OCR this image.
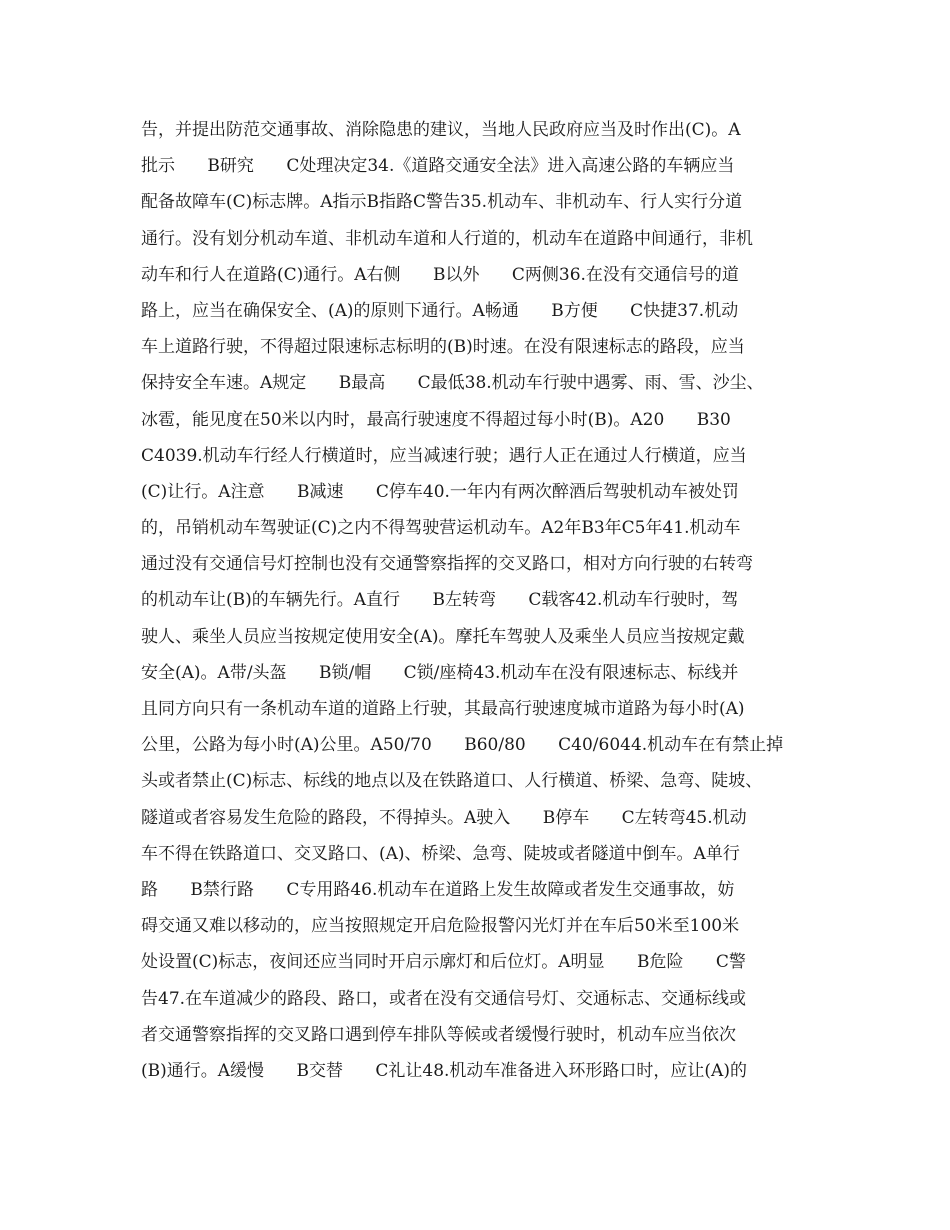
告，并提出防范交通事故、消除隐患的建议，当地人民政府应当及时作出(C)。A
批示      B研究      C处理决定34.《道路交通安全法》进入高速公路的车辆应当
配备故障车(C)标志牌。A指示B指路C警告35.机动车、非机动车、行人实行分道
通行。没有划分机动车道、非机动车道和人行道的，机动车在道路中间通行，非机
动车和行人在道路(C)通行。A右侧      B以外      C两侧36.在没有交通信号的道
路上，应当在确保安全、(A)的原则下通行。A畅通      B方便      C快捷37.机动
车上道路行驶，不得超过限速标志标明的(B)时速。在没有限速标志的路段，应当
保持安全车速。A规定      B最高      C最低38.机动车行驶中遇雾、雨、雪、沙尘、
冰雹，能见度在50米以内时，最高行驶速度不得超过每小时(B)。A20      B30
C4039.机动车行经人行横道时，应当减速行驶；遇行人正在通过人行横道，应当
(C)让行。A注意      B减速      C停车40.一年内有两次醉酒后驾驶机动车被处罚
的，吊销机动车驾驶证(C)之内不得驾驶营运机动车。A2年B3年C5年41.机动车
通过没有交通信号灯控制也没有交通警察指挥的交叉路口，相对方向行驶的右转弯
的机动车让(B)的车辆先行。A直行      B左转弯      C载客42.机动车行驶时，驾
驶人、乘坐人员应当按规定使用安全(A)。摩托车驾驶人及乘坐人员应当按规定戴
安全(A)。A带/头盔      B锁/帽      C锁/座椅43.机动车在没有限速标志、标线并
且同方向只有一条机动车道的道路上行驶，其最高行驶速度城市道路为每小时(A)
公里，公路为每小时(A)公里。A50/70      B60/80      C40/6044.机动车在有禁止掉
头或者禁止(C)标志、标线的地点以及在铁路道口、人行横道、桥梁、急弯、陡坡、
隧道或者容易发生危险的路段，不得掉头。A驶入      B停车      C左转弯45.机动
车不得在铁路道口、交叉路口、(A)、桥梁、急弯、陡坡或者隧道中倒车。A单行
路      B禁行路      C专用路46.机动车在道路上发生故障或者发生交通事故，妨
碍交通又难以移动的，应当按照规定开启危险报警闪光灯并在车后50米至100米
处设置(C)标志，夜间还应当同时开启示廓灯和后位灯。A明显      B危险      C警
告47.在车道减少的路段、路口，或者在没有交通信号灯、交通标志、交通标线或
者交通警察指挥的交叉路口遇到停车排队等候或者缓慢行驶时，机动车应当依次
(B)通行。A缓慢      B交替      C礼让48.机动车准备进入环形路口时，应让(A)的
